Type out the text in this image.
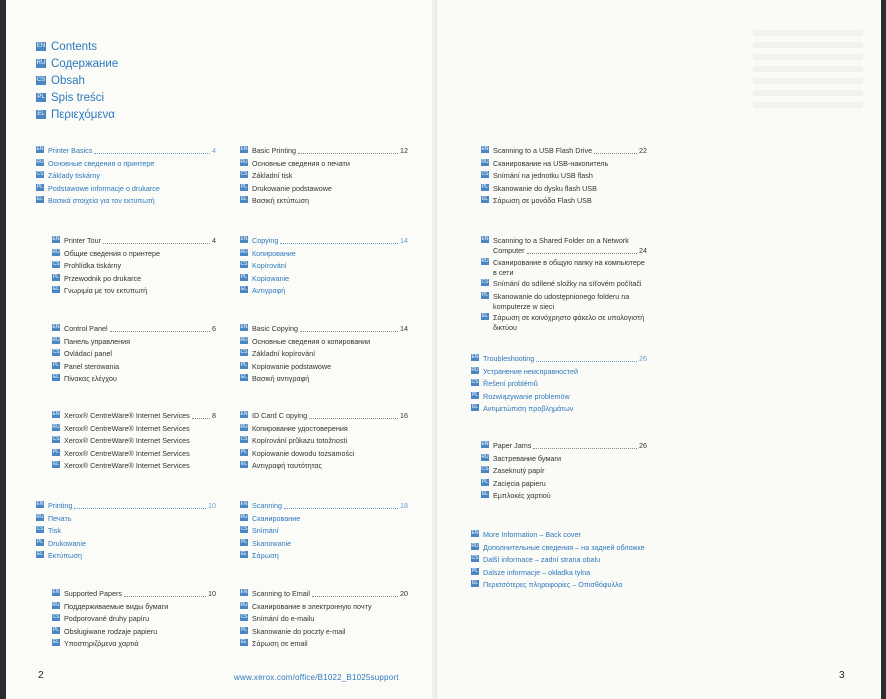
EN Contents
RU Содержание
CS Obsah
PL Spis treści
EL Περιεχόμενα
EN Printer Basics	4
RU Основные сведения о принтере
CS Základy tiskárny
PL Podstawowe informacje o drukarce
EL Βασικά στοιχεία για τον εκτυπωτή
EN Printer Tour	4
RU Общие сведения о принтере
CS Prohlídka tiskárny
PL Przewodnik po drukarce
EL Γνωριμία με τον εκτυπωτή
EN Control Panel	6
RU Панель управления
CS Ovládací panel
PL Panel sterowania
EL Πίνακας ελέγχου
EN Xerox® CentreWare® Internet Services	8
RU Xerox® CentreWare® Internet Services
CS Xerox® CentreWare® Internet Services
PL Xerox® CentreWare® Internet Services
EL Xerox® CentreWare® Internet Services
EN Printing	10
RU Печать
CS Tisk
PL Drukowanie
EL Εκτύπωση
EN Supported Papers	10
RU Поддерживаемые виды бумаги
CS Podporované druhy papíru
PL Obsługiwane rodzaje papieru
EL Υποστηριζόμενα χαρτιά
EN Basic Printing	12
RU Основные сведения о печати
CS Základní tisk
PL Drukowanie podstawowe
EL Βασική εκτύπωση
EN Copying	14
RU Копирование
CS Kopírování
PL Kopiowanie
EL Αντιγραφή
EN Basic Copying	14
RU Основные сведения о копировании
CS Základní kopírování
PL Kopiowanie podstawowe
EL Βασική αντιγραφή
EN ID Card C opying	16
RU Копирование удостоверения
CS Kopírování průkazu totožnosti
PL Kopiowanie dowodu tożsamości
EL Αντιγραφή ταυτότητας
EN Scanning	18
RU Сканирование
CS Snímání
PL Skanowanie
EL Σάρωση
EN Scanning to Email	20
RU Сканирование в электронную почту
CS Snímání do e-mailu
PL Skanowanie do poczty e-mail
EL Σάρωση σε email
2	www.xerox.com/office/B1022_B1025support
EN Scanning to a USB Flash Drive	22
RU Сканирование на USB-накопитель
CS Snímání na jednotku USB flash
PL Skanowanie do dysku flash USB
EL Σάρωση σε μονάδα Flash USB
EN Scanning to a Shared Folder on a Network
Computer	24
RU Сканирование в общую папку на компьютере в сети
CS Snímání do sdílené složky na síťovém počítači
PL Skanowanie do udostępnionego folderu na komputerze w sieci
EL Σάρωση σε κοινόχρηστο φάκελο σε υπολογιστή δικτύου
EN Troubleshooting	26
RU Устранение неисправностей
CS Řešení problémů
PL Rozwiązywanie problemów
EL Αντιμετώπιση προβλημάτων
EN Paper Jams	26
RU Застревание бумаги
CS Zaseknutý papír
PL Zacięcia papieru
EL Εμπλοκές χαρτιού
EN More Information – Back cover
RU Дополнительные сведения – на задней обложке
CS Další informace – zadní strana obalu
PL Dalsze informacje – okładka tylna
EL Περισσότερες πληροφορίες – Οπισθόφυλλο
3
